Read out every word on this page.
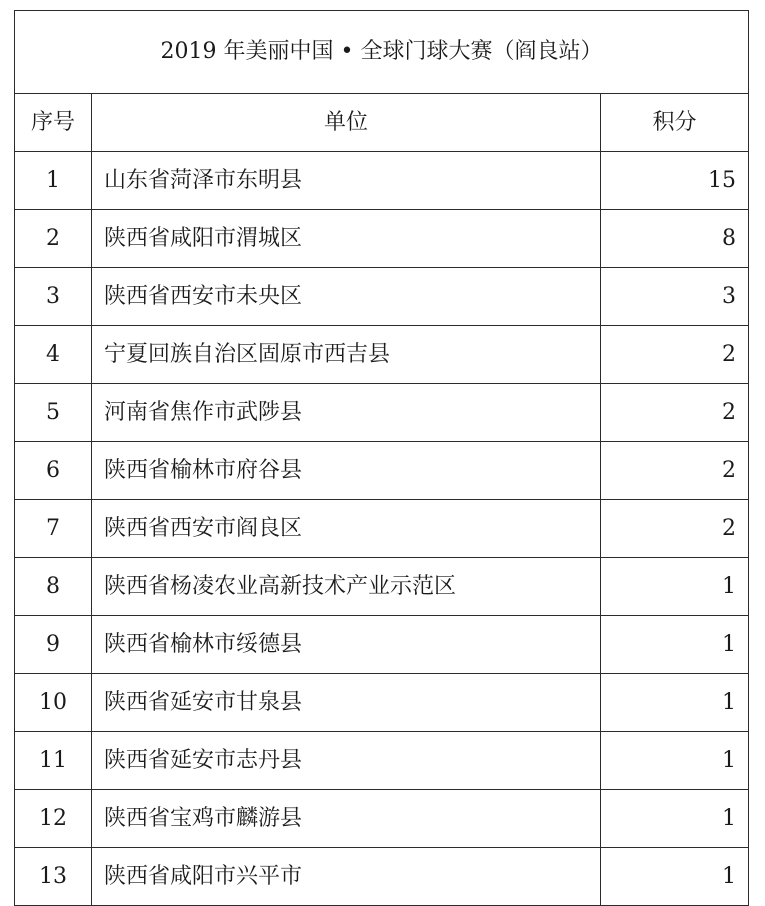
2019 年美丽中国 • 全球门球大赛（阎良站）		
序号	单位	积分
1	山东省菏泽市东明县	15
2	陕西省咸阳市渭城区	8
3	陕西省西安市未央区	3
4	宁夏回族自治区固原市西吉县	2
5	河南省焦作市武陟县	2
6	陕西省榆林市府谷县	2
7	陕西省西安市阎良区	2
8	陕西省杨凌农业高新技术产业示范区	1
9	陕西省榆林市绥德县	1
10	陕西省延安市甘泉县	1
11	陕西省延安市志丹县	1
12	陕西省宝鸡市麟游县	1
13	陕西省咸阳市兴平市	1
